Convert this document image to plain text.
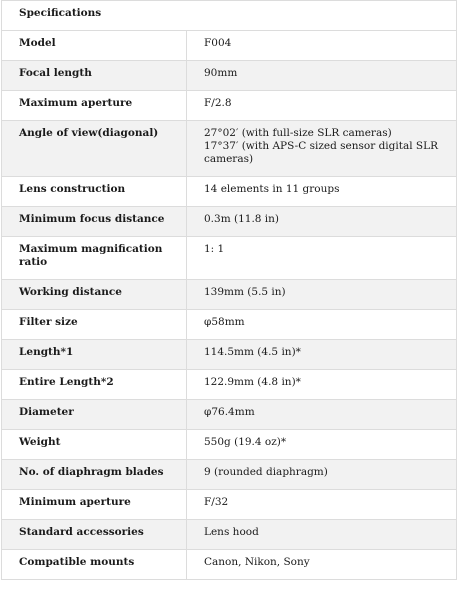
Specifications	
Model	F004

Focal length	90mm

Maximum aperture	F/2.8

Angle of view(diagonal)	27°02′ (with full-size SLR cameras)
17°37′ (with APS-C sized sensor digital SLR cameras)

Lens construction	14 elements in 11 groups

Minimum focus distance	0.3m (11.8 in)

Maximum magnification ratio	1: 1

Working distance	139mm (5.5 in)

Filter size	φ58mm

Length*1	114.5mm (4.5 in)*

Entire Length*2	122.9mm (4.8 in)*

Diameter	φ76.4mm

Weight	550g (19.4 oz)*

No. of diaphragm blades	9 (rounded diaphragm)

Minimum aperture	F/32

Standard accessories	Lens hood

Compatible mounts	Canon, Nikon, Sony
